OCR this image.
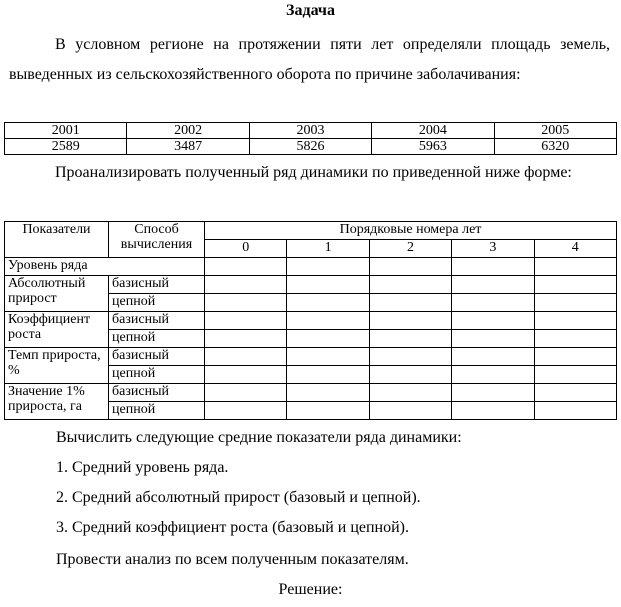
Задача

В условном регионе на протяжении пяти лет определяли площадь земель, выведенных из сельскохозяйственного оборота по причине заболачивания:

2001	2002	2003	2004	2005
2589	3487	5826	5963	6320

Проанализировать полученный ряд динамики по приведенной ниже форме:

Показатели	Способ вычисления	Порядковые номера лет				
		0	1	2	3	4
Уровень ряда						
Абсолютный прирост	базисный					
	цепной					
Коэффициент роста	базисный					
	цепной					
Темп прироста, %	базисный					
	цепной					
Значение 1% прироста, га	базисный					
	цепной					
Вычислить следующие средние показатели ряда динамики:
1. Средний уровень ряда.
2. Средний абсолютный прирост (базовый и цепной).
3. Средний коэффициент роста (базовый и цепной).
Провести анализ по всем полученным показателям.
Решение:
